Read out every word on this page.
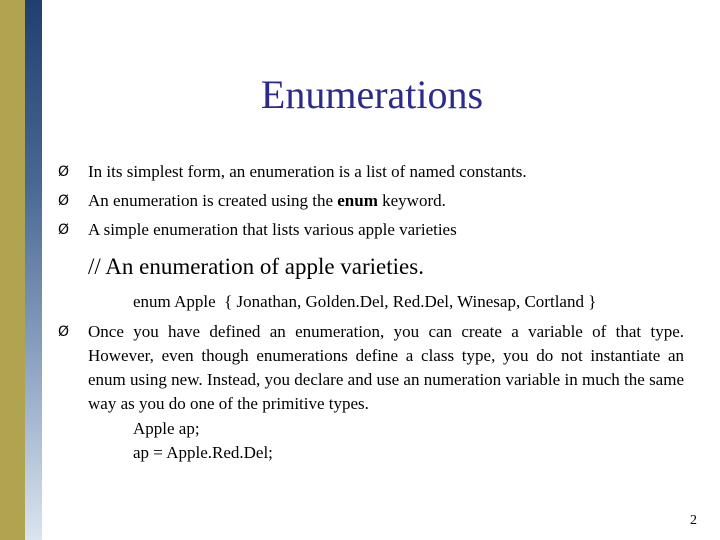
Enumerations
Ø	In its simplest form, an enumeration is a list of named constants.
Ø	An enumeration is created using the enum keyword.
Ø	A simple enumeration that lists various apple varieties
// An enumeration of apple varieties.
enum Apple  { Jonathan, Golden.Del, Red.Del, Winesap, Cortland }
Ø	Once you have defined an enumeration, you can create a variable of that type. However, even though enumerations define a class type, you do not instantiate an enum using new. Instead, you declare and use an numeration variable in much the same way as you do one of the primitive types.
Apple ap;
ap = Apple.Red.Del;
2
